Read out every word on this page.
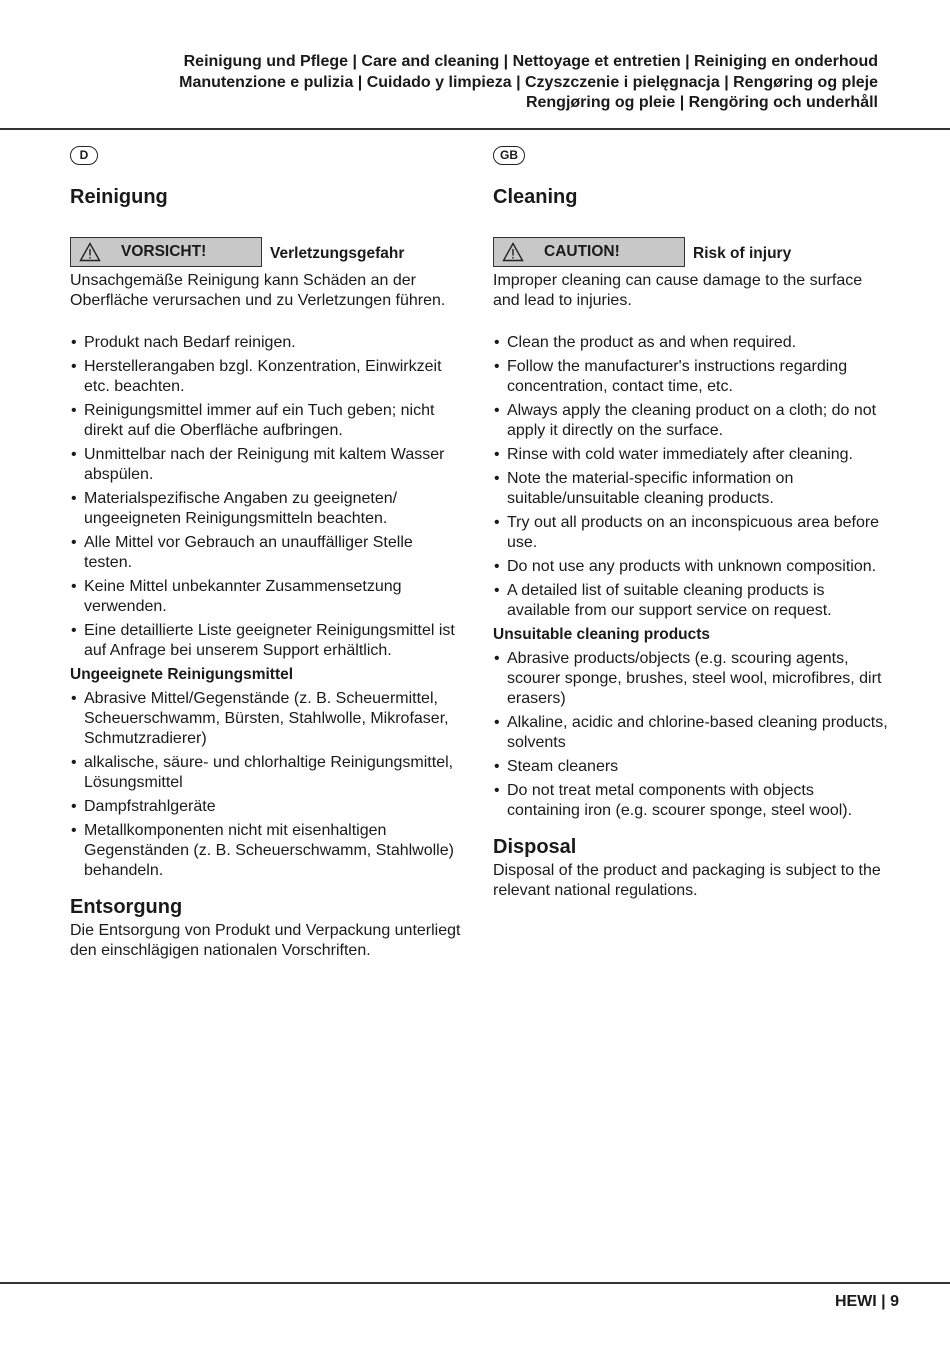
Reinigung und Pflege | Care and cleaning | Nettoyage et entretien | Reiniging en onderhoud
Manutenzione e pulizia | Cuidado y limpieza | Czyszczenie i pielęgnacja | Rengøring og pleje
Rengjøring og pleie | Rengöring och underhåll
D
Reinigung
VORSICHT!	Verletzungsgefahr

Unsachgemäße Reinigung kann Schäden an der Oberfläche verursachen und zu Verletzungen führen.

• Produkt nach Bedarf reinigen.
• Herstellerangaben bzgl. Konzentration, Einwirkzeit etc. beachten.
• Reinigungsmittel immer auf ein Tuch geben; nicht direkt auf die Oberfläche aufbringen.
• Unmittelbar nach der Reinigung mit kaltem Wasser abspülen.
• Materialspezifische Angaben zu geeigneten/ ungeeigneten Reinigungsmitteln beachten.
• Alle Mittel vor Gebrauch an unauffälliger Stelle testen.
• Keine Mittel unbekannter Zusammensetzung verwenden.
• Eine detaillierte Liste geeigneter Reinigungsmittel ist auf Anfrage bei unserem Support erhältlich.
Ungeeignete Reinigungsmittel
• Abrasive Mittel/Gegenstände (z. B. Scheuermittel, Scheuerschwamm, Bürsten, Stahlwolle, Mikrofaser, Schmutzradierer)
• alkalische, säure- und chlorhaltige Reinigungsmittel, Lösungsmittel
• Dampfstrahlgeräte
• Metallkomponenten nicht mit eisenhaltigen Gegenständen (z. B. Scheuerschwamm, Stahlwolle) behandeln.
Entsorgung

Die Entsorgung von Produkt und Verpackung unterliegt den einschlägigen nationalen Vorschriften.

GB
Cleaning
CAUTION!	Risk of injury

Improper cleaning can cause damage to the surface and lead to injuries.

• Clean the product as and when required.
• Follow the manufacturer's instructions regarding concentration, contact time, etc.
• Always apply the cleaning product on a cloth; do not apply it directly on the surface.
• Rinse with cold water immediately after cleaning.
• Note the material-specific information on suitable/unsuitable cleaning products.
• Try out all products on an inconspicuous area before use.
• Do not use any products with unknown composition.
• A detailed list of suitable cleaning products is available from our support service on request.
Unsuitable cleaning products
• Abrasive products/objects (e.g. scouring agents, scourer sponge, brushes, steel wool, microfibres, dirt erasers)
• Alkaline, acidic and chlorine-based cleaning products, solvents
• Steam cleaners
• Do not treat metal components with objects containing iron (e.g. scourer sponge, steel wool).
Disposal

Disposal of the product and packaging is subject to the relevant national regulations.

HEWI | 9
